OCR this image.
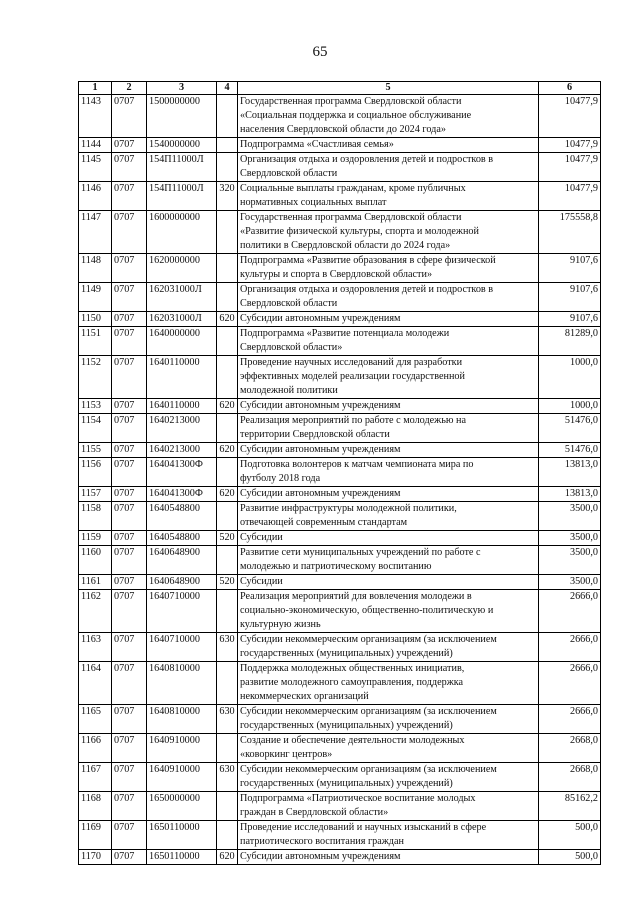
65
1	2	3	4	5	6
1143	0707	1500000000		Государственная программа Свердловской области
«Социальная поддержка и социальное обслуживание
населения Свердловской области до 2024 года»	10477,9
1144	0707	1540000000		Подпрограмма «Счастливая семья»	10477,9
1145	0707	154П11000Л		Организация отдыха и оздоровления детей и подростков в
Свердловской области	10477,9
1146	0707	154П11000Л	320	Социальные выплаты гражданам, кроме публичных
нормативных социальных выплат	10477,9
1147	0707	1600000000		Государственная программа Свердловской области
«Развитие физической культуры, спорта и молодежной
политики в Свердловской области до 2024 года»	175558,8
1148	0707	1620000000		Подпрограмма «Развитие образования в сфере физической
культуры и спорта в Свердловской области»	9107,6
1149	0707	162031000Л		Организация отдыха и оздоровления детей и подростков в
Свердловской области	9107,6
1150	0707	162031000Л	620	Субсидии автономным учреждениям	9107,6
1151	0707	1640000000		Подпрограмма «Развитие потенциала молодежи
Свердловской области»	81289,0
1152	0707	1640110000		Проведение научных исследований для разработки
эффективных моделей реализации государственной
молодежной политики	1000,0
1153	0707	1640110000	620	Субсидии автономным учреждениям	1000,0
1154	0707	1640213000		Реализация мероприятий по работе с молодежью на
территории Свердловской области	51476,0
1155	0707	1640213000	620	Субсидии автономным учреждениям	51476,0
1156	0707	164041300Ф		Подготовка волонтеров к матчам чемпионата мира по
футболу 2018 года	13813,0
1157	0707	164041300Ф	620	Субсидии автономным учреждениям	13813,0
1158	0707	1640548800		Развитие инфраструктуры молодежной политики,
отвечающей современным стандартам	3500,0
1159	0707	1640548800	520	Субсидии	3500,0
1160	0707	1640648900		Развитие сети муниципальных учреждений по работе с
молодежью и патриотическому воспитанию	3500,0
1161	0707	1640648900	520	Субсидии	3500,0
1162	0707	1640710000		Реализация мероприятий для вовлечения молодежи в
социально-экономическую, общественно-политическую и
культурную жизнь	2666,0
1163	0707	1640710000	630	Субсидии некоммерческим организациям (за исключением
государственных (муниципальных) учреждений)	2666,0
1164	0707	1640810000		Поддержка молодежных общественных инициатив,
развитие молодежного самоуправления, поддержка
некоммерческих организаций	2666,0
1165	0707	1640810000	630	Субсидии некоммерческим организациям (за исключением
государственных (муниципальных) учреждений)	2666,0
1166	0707	1640910000		Создание и обеспечение деятельности молодежных
«коворкинг центров»	2668,0
1167	0707	1640910000	630	Субсидии некоммерческим организациям (за исключением
государственных (муниципальных) учреждений)	2668,0
1168	0707	1650000000		Подпрограмма «Патриотическое воспитание молодых
граждан в Свердловской области»	85162,2
1169	0707	1650110000		Проведение исследований и научных изысканий в сфере
патриотического воспитания граждан	500,0
1170	0707	1650110000	620	Субсидии автономным учреждениям	500,0
